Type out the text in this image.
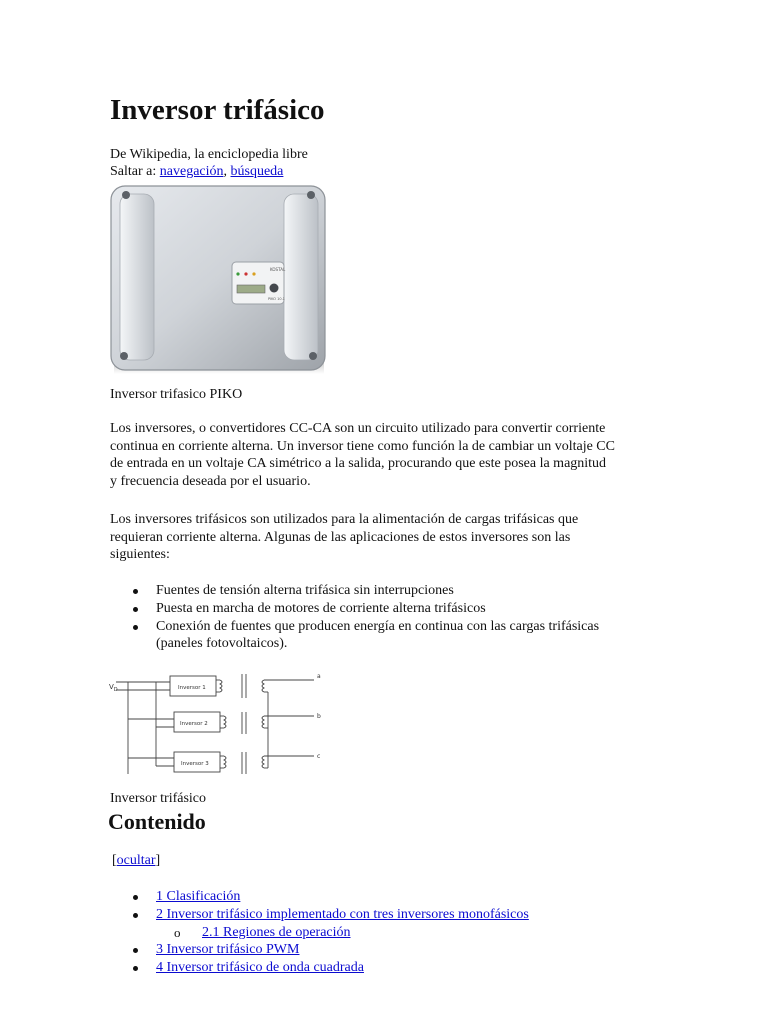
Inversor trifásico
De Wikipedia, la enciclopedia libre
Saltar a: navegación, búsqueda
KOSTAL
PIKO 10.1
Inversor trifasico PIKO
Los inversores, o convertidores CC-CA son un circuito utilizado para convertir corriente
continua en corriente alterna. Un inversor tiene como función la de cambiar un voltaje CC
de entrada en un voltaje CA simétrico a la salida, procurando que este posea la magnitud
y frecuencia deseada por el usuario.
Los inversores trifásicos son utilizados para la alimentación de cargas trifásicas que
requieran corriente alterna. Algunas de las aplicaciones de estos inversores son las
siguientes:
Fuentes de tensión alterna trifásica sin interrupciones
Puesta en marcha de motores de corriente alterna trifásicos
Conexión de fuentes que producen energía en continua con las cargas trifásicas (paneles fotovoltaicos).
$V_D$	Inversor 1
Inversor 2
Inversor 3
a
b
c
Inversor trifásico
Contenido
[ocultar]
1 Clasificación
2 Inversor trifásico implementado con tres inversores monofásicos
o 2.1 Regiones de operación
3 Inversor trifásico PWM
4 Inversor trifásico de onda cuadrada
